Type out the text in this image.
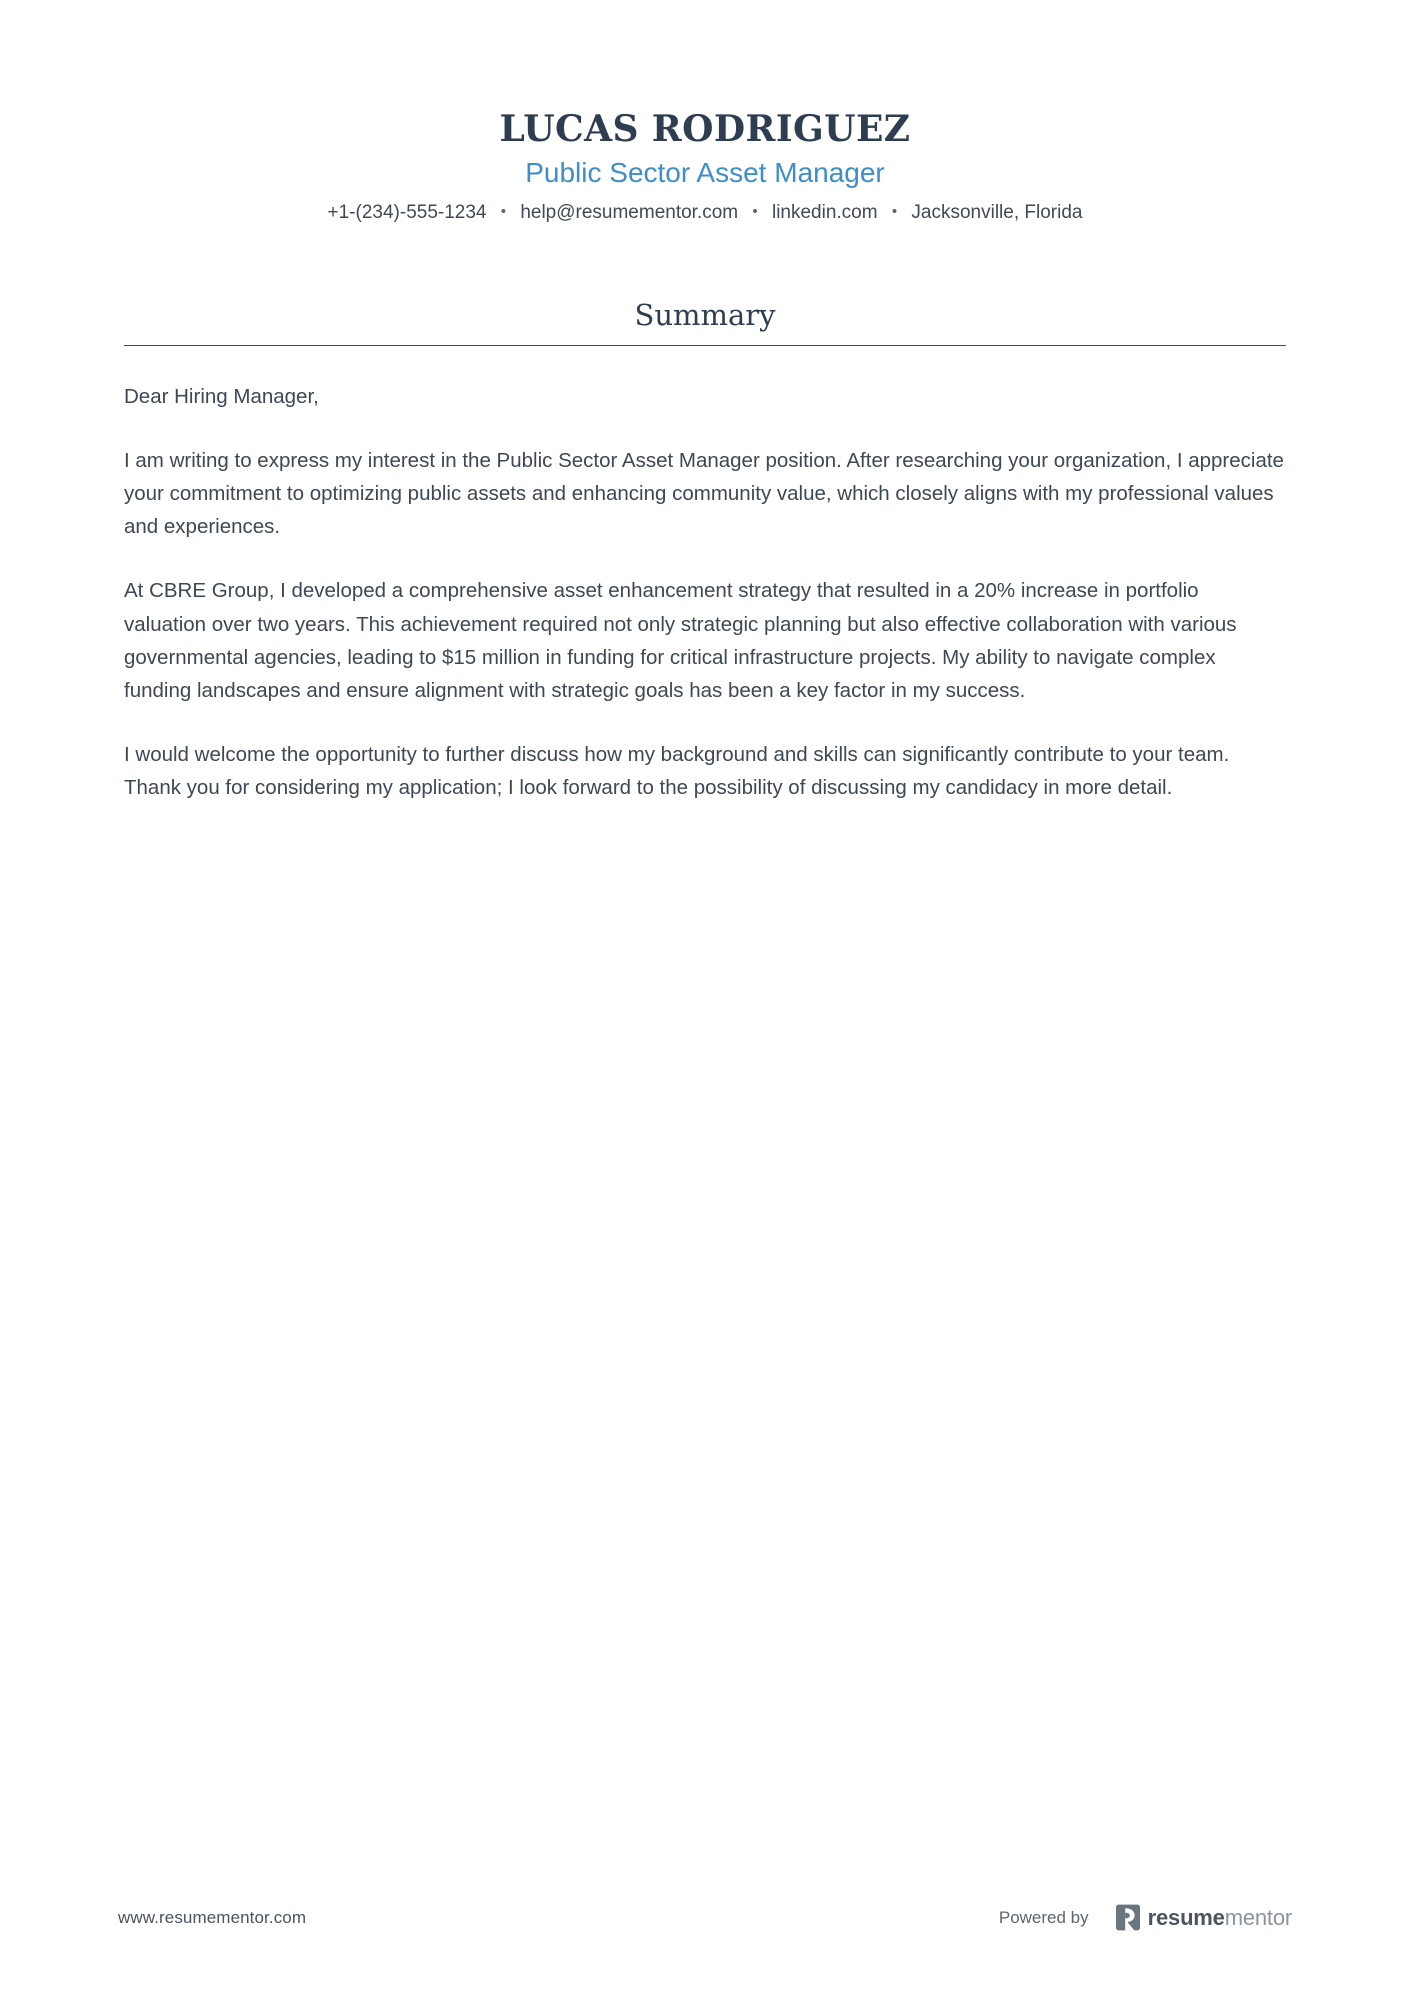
LUCAS RODRIGUEZ
Public Sector Asset Manager
+1-(234)-555-1234 • help@resumementor.com • linkedin.com • Jacksonville, Florida
Summary

Dear Hiring Manager,

I am writing to express my interest in the Public Sector Asset Manager position. After researching your organization, I appreciate your commitment to optimizing public assets and enhancing community value, which closely aligns with my professional values and experiences.

At CBRE Group, I developed a comprehensive asset enhancement strategy that resulted in a 20% increase in portfolio valuation over two years. This achievement required not only strategic planning but also effective collaboration with various governmental agencies, leading to $15 million in funding for critical infrastructure projects. My ability to navigate complex funding landscapes and ensure alignment with strategic goals has been a key factor in my success.

I would welcome the opportunity to further discuss how my background and skills can significantly contribute to your team. Thank you for considering my application; I look forward to the possibility of discussing my candidacy in more detail.

www.resumementor.com	Powered by	resumementor
